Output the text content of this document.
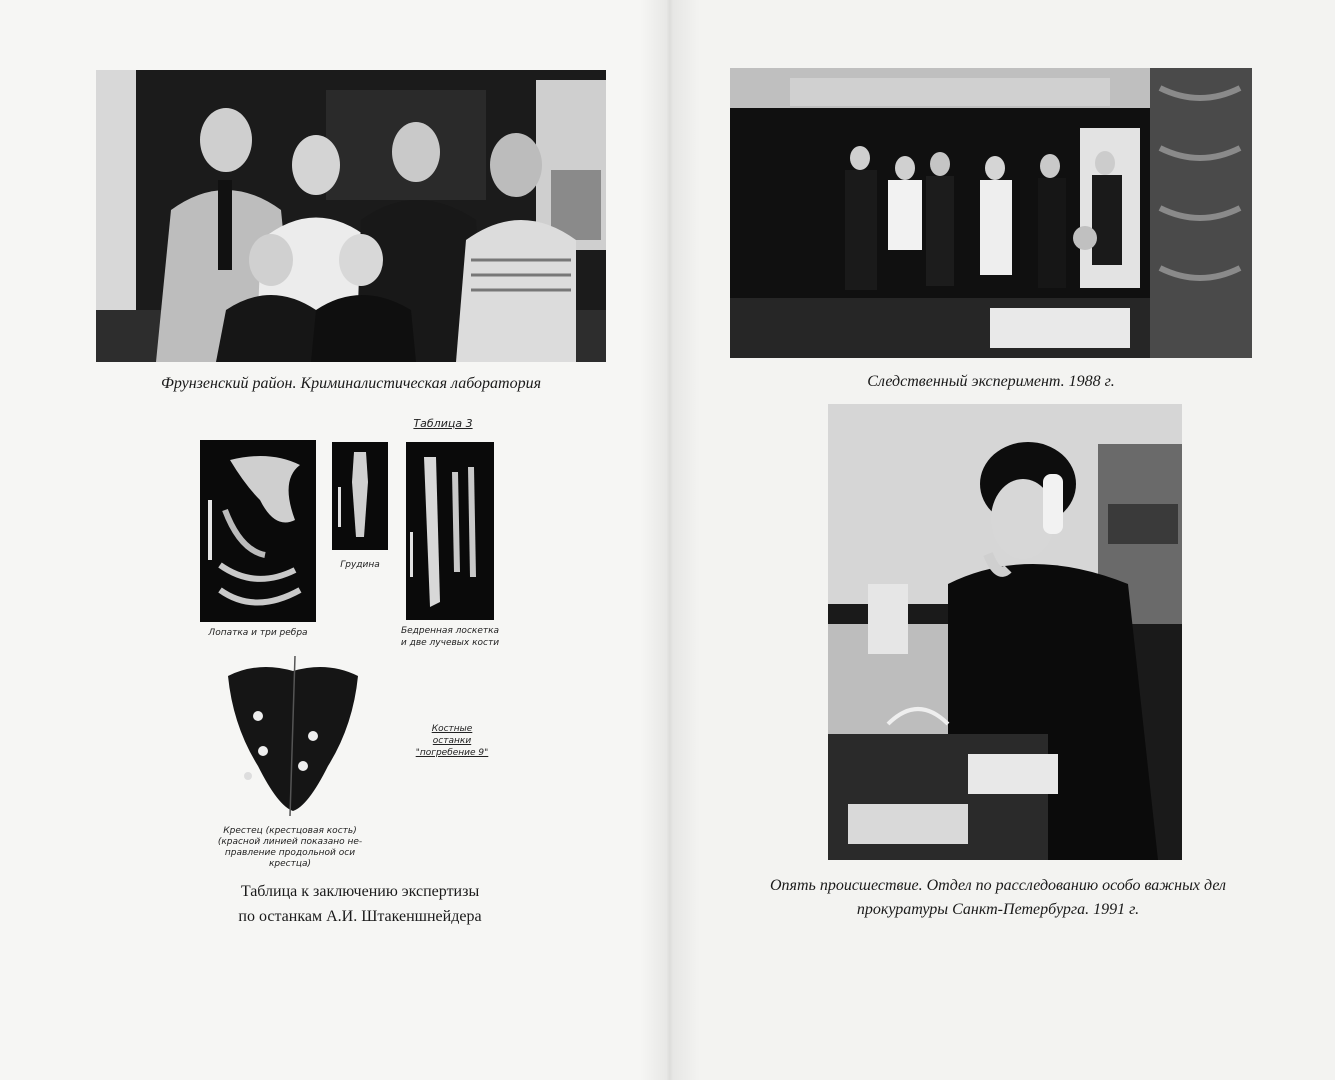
Фрунзенский район. Криминалистическая лаборатория
Таблица 3
Лопатка и три ребра
Грудина
Бедренная лоскетка
и две лучевых кости
Крестец (крестцовая кость)
(красной линией показано не-
правление продольной оси
крестца)
Костные
останки
"погребение 9"
Таблица к заключению экспертизы
по останкам А.И. Штакеншнейдера
Следственный эксперимент. 1988 г.
Опять происшествие. Отдел по расследованию особо важных дел
прокуратуры Санкт-Петербурга. 1991 г.
